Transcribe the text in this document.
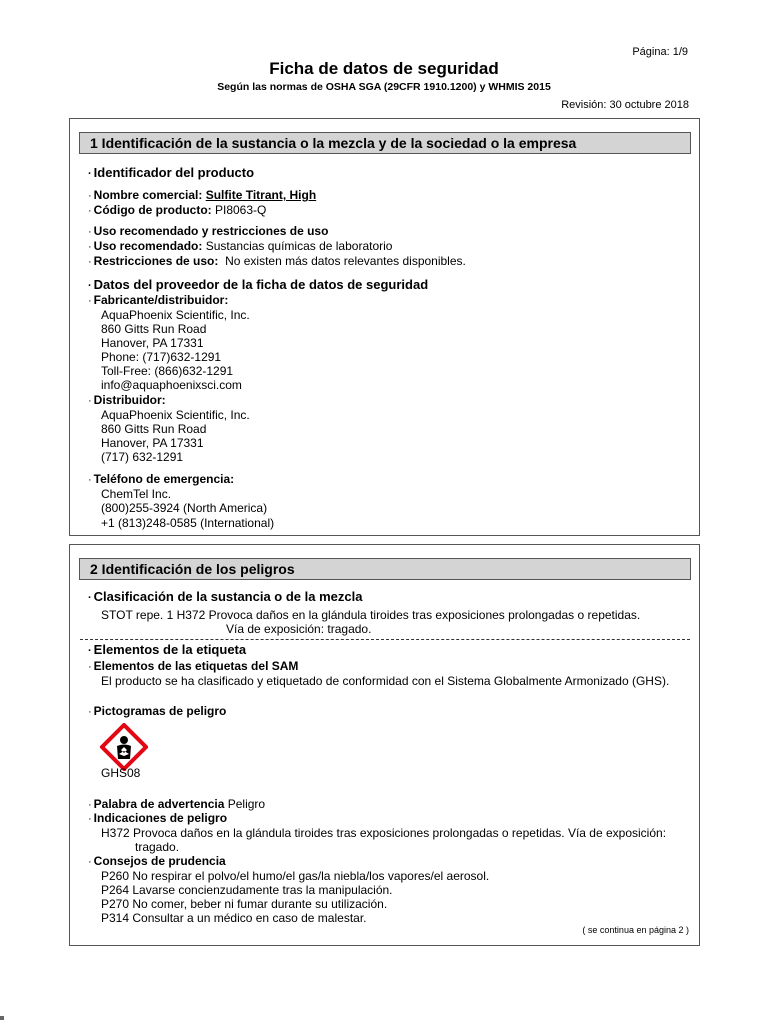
Página: 1/9
Ficha de datos de seguridad
Según las normas de OSHA SGA (29CFR 1910.1200) y WHMIS 2015
Revisión: 30 octubre 2018
1 Identificación de la sustancia o la mezcla y de la sociedad o la empresa
· Identificador del producto
· Nombre comercial: Sulfite Titrant, High
· Código de producto: PI8063-Q
· Uso recomendado y restricciones de uso
· Uso recomendado: Sustancias químicas de laboratorio
· Restricciones de uso: No existen más datos relevantes disponibles.
· Datos del proveedor de la ficha de datos de seguridad
· Fabricante/distribuidor:
AquaPhoenix Scientific, Inc.
860 Gitts Run Road
Hanover, PA 17331
Phone: (717)632-1291
Toll-Free: (866)632-1291
info@aquaphoenixsci.com
· Distribuidor:
AquaPhoenix Scientific, Inc.
860 Gitts Run Road
Hanover, PA 17331
(717) 632-1291
· Teléfono de emergencia:
ChemTel Inc.
(800)255-3924 (North America)
+1 (813)248-0585 (International)
2 Identificación de los peligros
· Clasificación de la sustancia o de la mezcla
STOT repe. 1 H372 Provoca daños en la glándula tiroides tras exposiciones prolongadas o repetidas.
Vía de exposición: tragado.
· Elementos de la etiqueta
· Elementos de las etiquetas del SAM
El producto se ha clasificado y etiquetado de conformidad con el Sistema Globalmente Armonizado (GHS).
· Pictogramas de peligro
GHS08
· Palabra de advertencia Peligro
· Indicaciones de peligro
H372 Provoca daños en la glándula tiroides tras exposiciones prolongadas o repetidas. Vía de exposición:
tragado.
· Consejos de prudencia
P260 No respirar el polvo/el humo/el gas/la niebla/los vapores/el aerosol.
P264 Lavarse concienzudamente tras la manipulación.
P270 No comer, beber ni fumar durante su utilización.
P314 Consultar a un médico en caso de malestar.
( se continua en página 2 )
